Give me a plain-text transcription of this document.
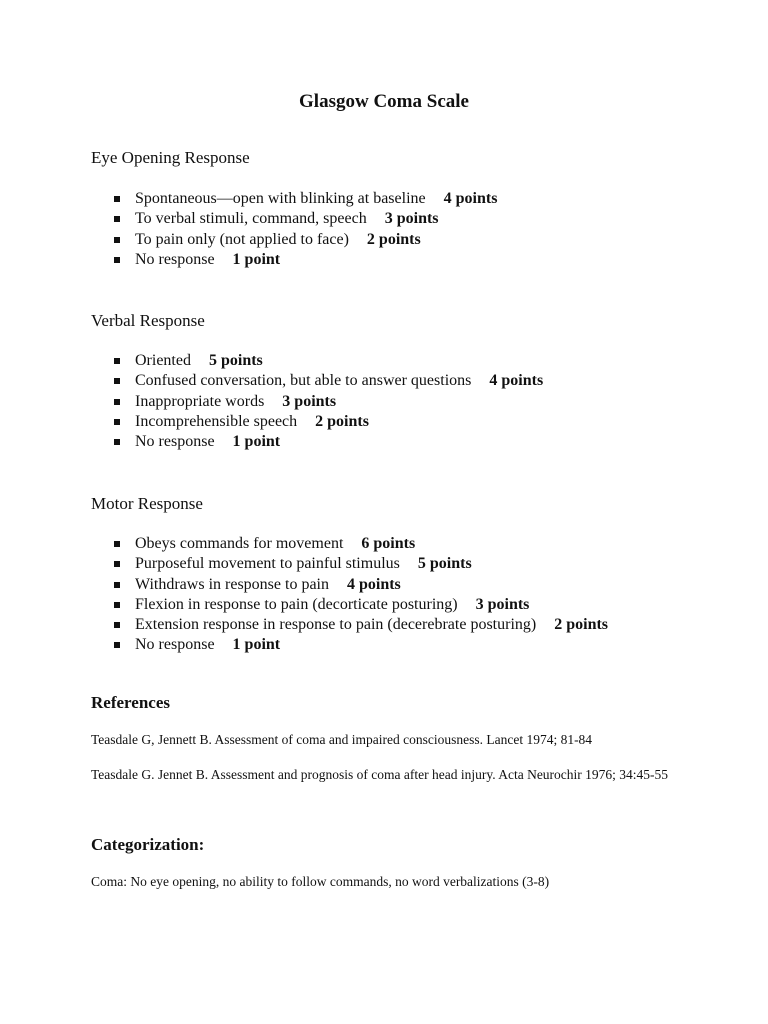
Glasgow Coma Scale
Eye Opening Response
Spontaneous—open with blinking at baseline 4 points
To verbal stimuli, command, speech 3 points
To pain only (not applied to face) 2 points
No response 1 point
Verbal Response
Oriented 5 points
Confused conversation, but able to answer questions 4 points
Inappropriate words 3 points
Incomprehensible speech 2 points
No response 1 point
Motor Response
Obeys commands for movement 6 points
Purposeful movement to painful stimulus 5 points
Withdraws in response to pain 4 points
Flexion in response to pain (decorticate posturing) 3 points
Extension response in response to pain (decerebrate posturing) 2 points
No response 1 point
References
Teasdale G, Jennett B. Assessment of coma and impaired consciousness. Lancet 1974; 81-84
Teasdale G. Jennet B. Assessment and prognosis of coma after head injury. Acta Neurochir 1976; 34:45-55
Categorization:
Coma: No eye opening, no ability to follow commands, no word verbalizations (3-8)
